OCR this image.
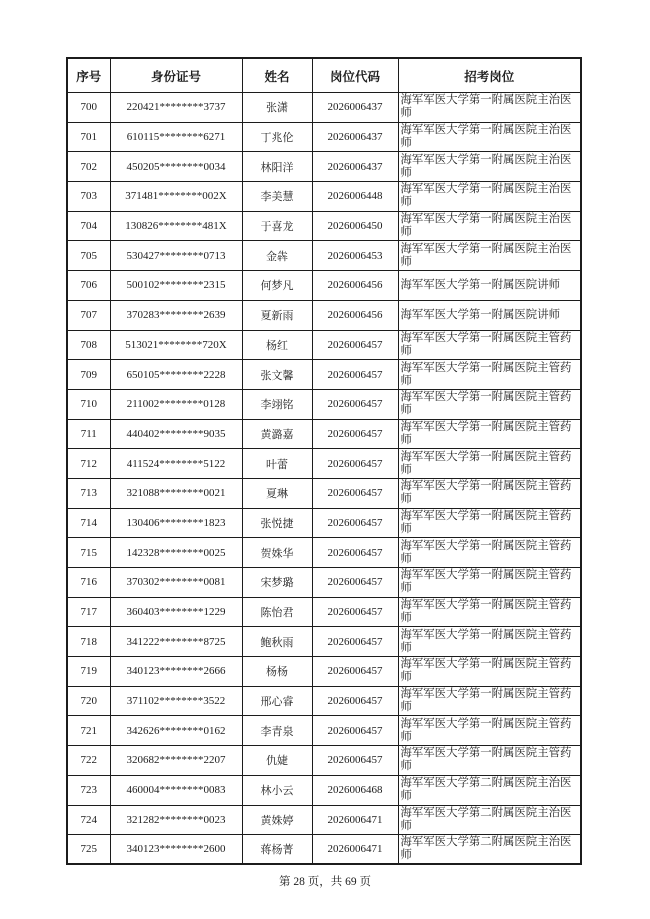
序号	身份证号	姓名	岗位代码	招考岗位
700	220421********3737	张潇	2026006437	海军军医大学第一附属医院主治医师
701	610115********6271	丁兆伦	2026006437	海军军医大学第一附属医院主治医师
702	450205********0034	林阳洋	2026006437	海军军医大学第一附属医院主治医师
703	371481********002X	李美慧	2026006448	海军军医大学第一附属医院主治医师
704	130826********481X	于喜龙	2026006450	海军军医大学第一附属医院主治医师
705	530427********0713	金犇	2026006453	海军军医大学第一附属医院主治医师
706	500102********2315	何梦凡	2026006456	海军军医大学第一附属医院讲师
707	370283********2639	夏新雨	2026006456	海军军医大学第一附属医院讲师
708	513021********720X	杨红	2026006457	海军军医大学第一附属医院主管药师
709	650105********2228	张文馨	2026006457	海军军医大学第一附属医院主管药师
710	211002********0128	李翊铭	2026006457	海军军医大学第一附属医院主管药师
711	440402********9035	黄潞嘉	2026006457	海军军医大学第一附属医院主管药师
712	411524********5122	叶蕾	2026006457	海军军医大学第一附属医院主管药师
713	321088********0021	夏琳	2026006457	海军军医大学第一附属医院主管药师
714	130406********1823	张悦捷	2026006457	海军军医大学第一附属医院主管药师
715	142328********0025	贺姝华	2026006457	海军军医大学第一附属医院主管药师
716	370302********0081	宋梦璐	2026006457	海军军医大学第一附属医院主管药师
717	360403********1229	陈怡君	2026006457	海军军医大学第一附属医院主管药师
718	341222********8725	鲍秋雨	2026006457	海军军医大学第一附属医院主管药师
719	340123********2666	杨杨	2026006457	海军军医大学第一附属医院主管药师
720	371102********3522	邢心睿	2026006457	海军军医大学第一附属医院主管药师
721	342626********0162	李青泉	2026006457	海军军医大学第一附属医院主管药师
722	320682********2207	仇婕	2026006457	海军军医大学第一附属医院主管药师
723	460004********0083	林小云	2026006468	海军军医大学第二附属医院主治医师
724	321282********0023	黄姝婷	2026006471	海军军医大学第二附属医院主治医师
725	340123********2600	蒋杨菁	2026006471	海军军医大学第二附属医院主治医师
第 28 页，共 69 页
